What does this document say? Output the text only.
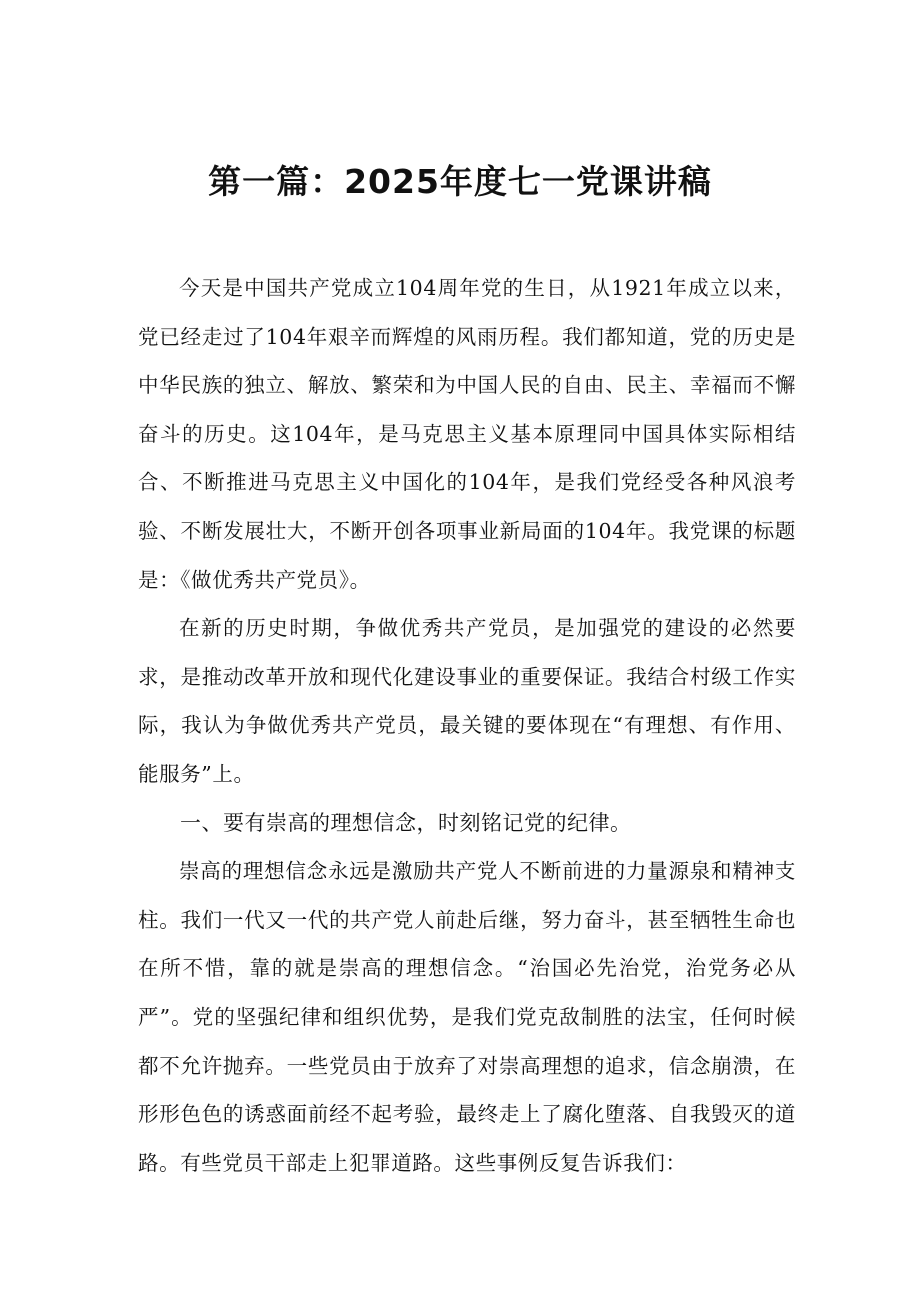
第一篇：2025年度七一党课讲稿

今天是中国共产党成立104周年党的生日，从1921年成立以来，党已经走过了104年艰辛而辉煌的风雨历程。我们都知道，党的历史是中华民族的独立、解放、繁荣和为中国人民的自由、民主、幸福而不懈奋斗的历史。这104年，是马克思主义基本原理同中国具体实际相结合、不断推进马克思主义中国化的104年，是我们党经受各种风浪考验、不断发展壮大，不断开创各项事业新局面的104年。我党课的标题是：《做优秀共产党员》。

在新的历史时期，争做优秀共产党员，是加强党的建设的必然要求，是推动改革开放和现代化建设事业的重要保证。我结合村级工作实际，我认为争做优秀共产党员，最关键的要体现在“有理想、有作用、能服务”上。

一、要有崇高的理想信念，时刻铭记党的纪律。

崇高的理想信念永远是激励共产党人不断前进的力量源泉和精神支柱。我们一代又一代的共产党人前赴后继，努力奋斗，甚至牺牲生命也在所不惜，靠的就是崇高的理想信念。“治国必先治党，治党务必从严”。党的坚强纪律和组织优势，是我们党克敌制胜的法宝，任何时候都不允许抛弃。一些党员由于放弃了对崇高理想的追求，信念崩溃，在形形色色的诱惑面前经不起考验，最终走上了腐化堕落、自我毁灭的道路。有些党员干部走上犯罪道路。这些事例反复告诉我们：
